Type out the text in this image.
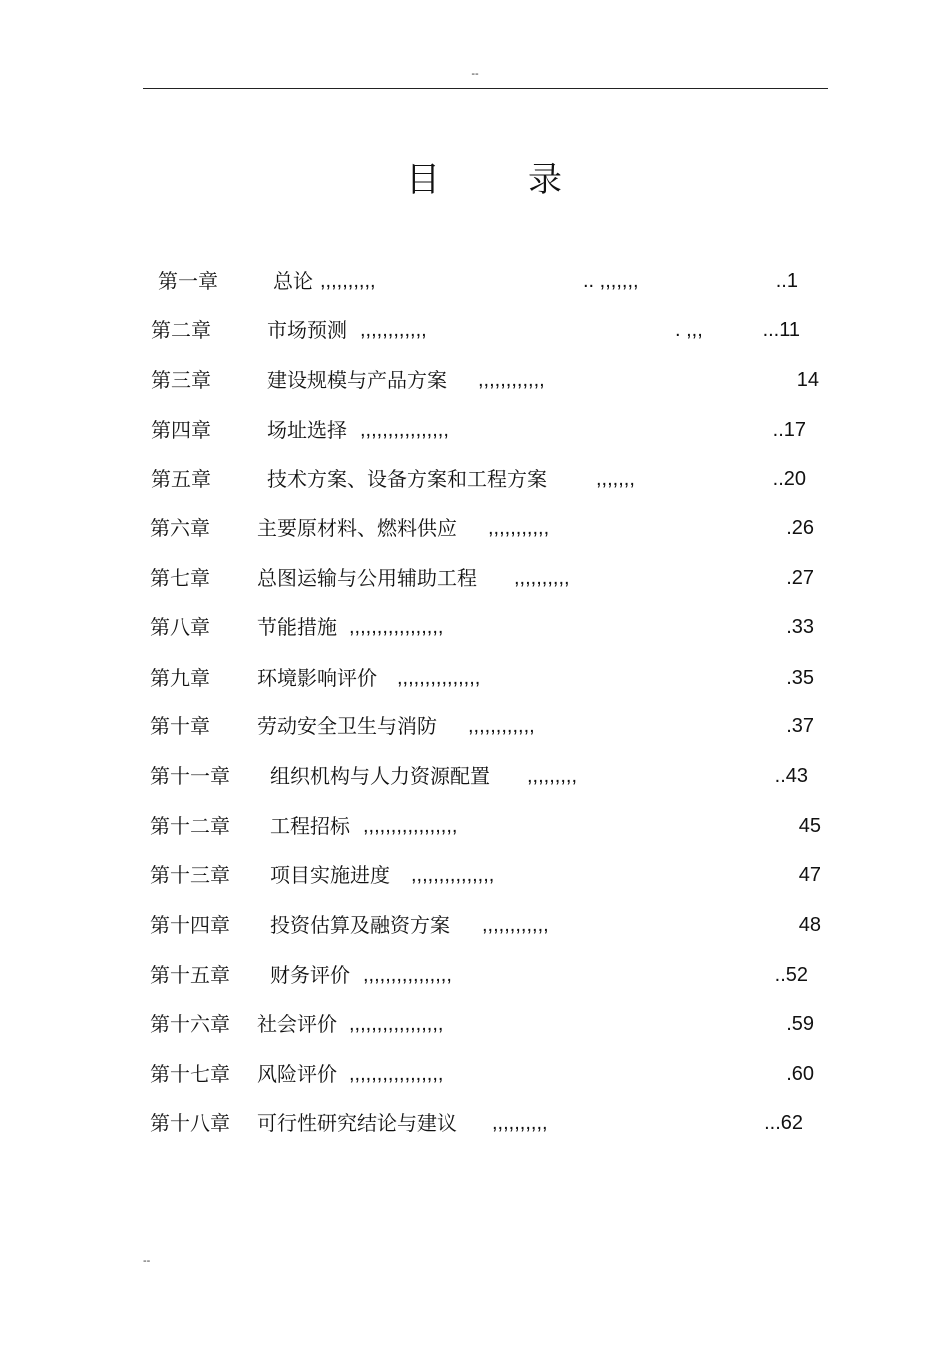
--
目	录
第一章	总论 ,,,,,,,,,,	.. ,,,,,,,	..1
第二章	市场预测 ,,,,,,,,,,,,	. ,,,	...11
第三章	建设规模与产品方案 ,,,,,,,,,,,,	14
第四章	场址选择 ,,,,,,,,,,,,,,,,	..17
第五章	技术方案、设备方案和工程方案 ,,,,,,,	..20
第六章 主要原材料、燃料供应 ,,,,,,,,,,,	.26
第七章 总图运输与公用辅助工程 ,,,,,,,,,,	.27
第八章 节能措施 ,,,,,,,,,,,,,,,,,	.33
第九章 环境影响评价 ,,,,,,,,,,,,,,,	.35
第十章 劳动安全卫生与消防 ,,,,,,,,,,,,	.37
第十一章 组织机构与人力资源配置 ,,,,,,,,,	..43
第十二章 工程招标 ,,,,,,,,,,,,,,,,,	45
第十三章 项目实施进度 ,,,,,,,,,,,,,,,	47
第十四章 投资估算及融资方案 ,,,,,,,,,,,,	48
第十五章 财务评价 ,,,,,,,,,,,,,,,,	..52
第十六章 社会评价 ,,,,,,,,,,,,,,,,,	.59
第十七章 风险评价 ,,,,,,,,,,,,,,,,,	.60
第十八章 可行性研究结论与建议 ,,,,,,,,,,	...62
--
